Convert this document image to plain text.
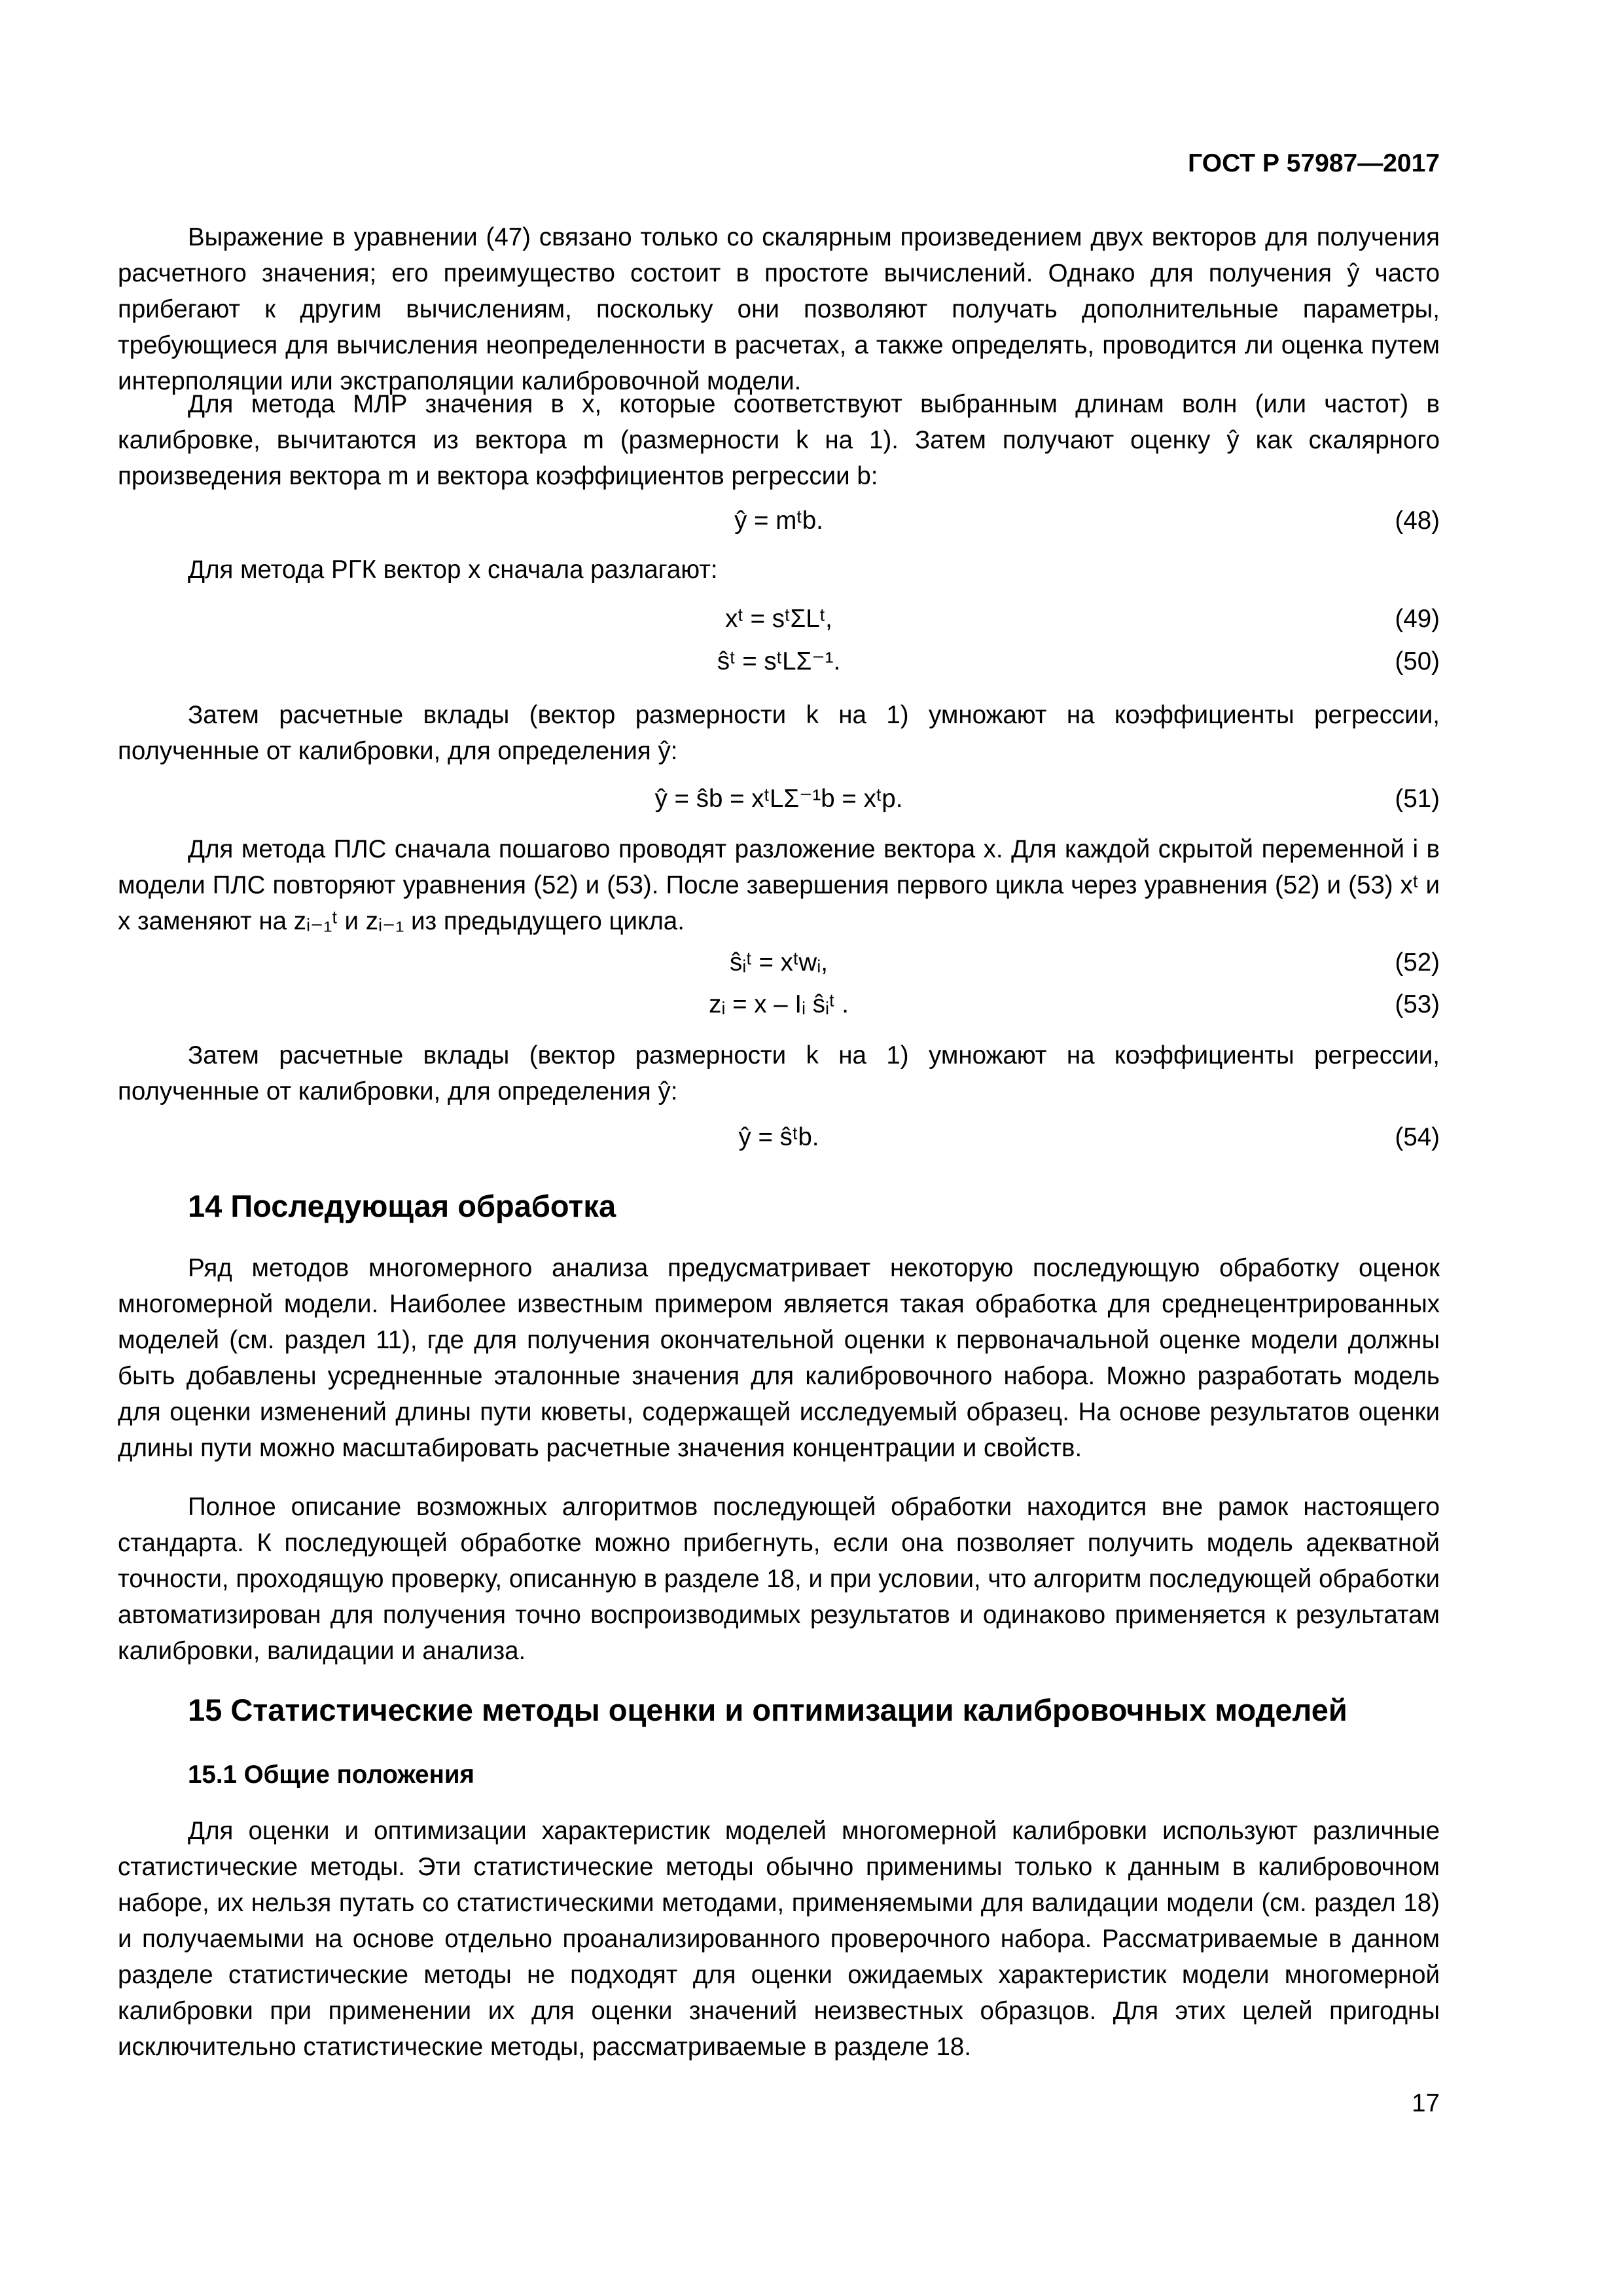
ГОСТ Р 57987—2017

Выражение в уравнении (47) связано только со скалярным произведением двух векторов для получения расчетного значения; его преимущество состоит в простоте вычислений. Однако для получения ŷ часто прибегают к другим вычислениям, поскольку они позволяют получать дополнительные параметры, требующиеся для вычисления неопределенности в расчетах, а также определять, проводится ли оценка путем интерполяции или экстраполяции калибровочной модели.

Для метода МЛР значения в x, которые соответствуют выбранным длинам волн (или частот) в калибровке, вычитаются из вектора m (размерности k на 1). Затем получают оценку ŷ как скалярного произведения вектора m и вектора коэффициентов регрессии b:

ŷ = mᵗb.	(48)

Для метода РГК вектор x сначала разлагают:

xᵗ = sᵗΣLᵗ,	(49)
ŝᵗ = sᵗLΣ⁻¹.	(50)

Затем расчетные вклады (вектор размерности k на 1) умножают на коэффициенты регрессии, полученные от калибровки, для определения ŷ:

ŷ = ŝb = xᵗLΣ⁻¹b = xᵗp.	(51)

Для метода ПЛС сначала пошагово проводят разложение вектора x. Для каждой скрытой переменной i в модели ПЛС повторяют уравнения (52) и (53). После завершения первого цикла через уравнения (52) и (53) xᵗ и x заменяют на zᵢ₋₁ᵗ и zᵢ₋₁ из предыдущего цикла.

ŝᵢᵗ = xᵗwᵢ,	(52)
zᵢ = x – Iᵢ ŝᵢᵗ .	(53)

Затем расчетные вклады (вектор размерности k на 1) умножают на коэффициенты регрессии, полученные от калибровки, для определения ŷ:

ŷ = ŝᵗb.	(54)
14 Последующая обработка

Ряд методов многомерного анализа предусматривает некоторую последующую обработку оценок многомерной модели. Наиболее известным примером является такая обработка для среднецентрированных моделей (см. раздел 11), где для получения окончательной оценки к первоначальной оценке модели должны быть добавлены усредненные эталонные значения для калибровочного набора. Можно разработать модель для оценки изменений длины пути кюветы, содержащей исследуемый образец. На основе результатов оценки длины пути можно масштабировать расчетные значения концентрации и свойств.

Полное описание возможных алгоритмов последующей обработки находится вне рамок настоящего стандарта. К последующей обработке можно прибегнуть, если она позволяет получить модель адекватной точности, проходящую проверку, описанную в разделе 18, и при условии, что алгоритм последующей обработки автоматизирован для получения точно воспроизводимых результатов и одинаково применяется к результатам калибровки, валидации и анализа.

15 Статистические методы оценки и оптимизации калибровочных моделей
15.1 Общие положения

Для оценки и оптимизации характеристик моделей многомерной калибровки используют различные статистические методы. Эти статистические методы обычно применимы только к данным в калибровочном наборе, их нельзя путать со статистическими методами, применяемыми для валидации модели (см. раздел 18) и получаемыми на основе отдельно проанализированного проверочного набора. Рассматриваемые в данном разделе статистические методы не подходят для оценки ожидаемых характеристик модели многомерной калибровки при применении их для оценки значений неизвестных образцов. Для этих целей пригодны исключительно статистические методы, рассматриваемые в разделе 18.

17
